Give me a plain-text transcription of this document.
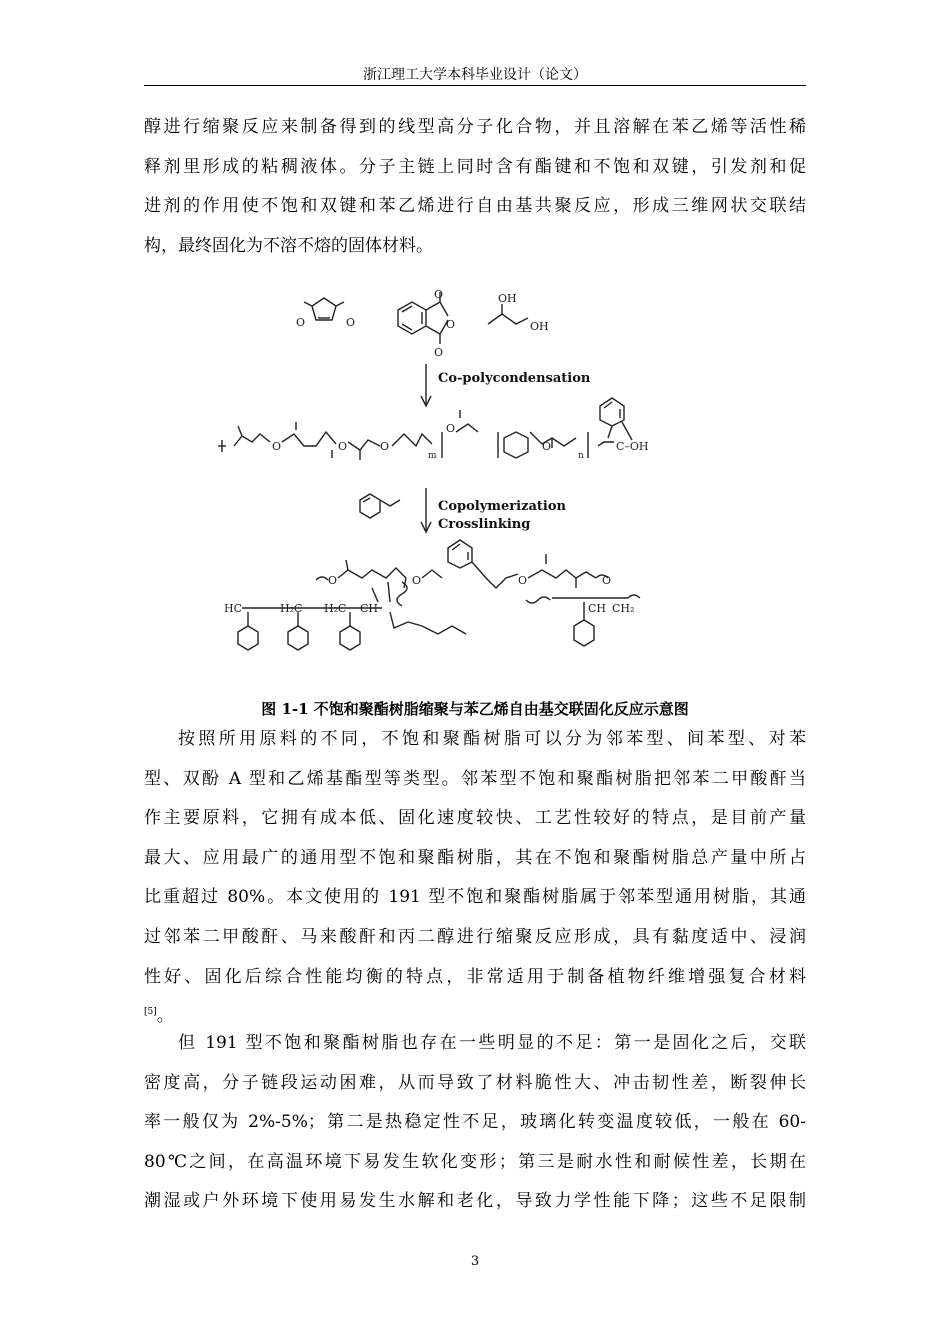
浙江理工大学本科毕业设计（论文）
醇进行缩聚反应来制备得到的线型高分子化合物，并且溶解在苯乙烯等活性稀
释剂里形成的粘稠液体。分子主链上同时含有酯键和不饱和双键，引发剂和促
进剂的作用使不饱和双键和苯乙烯进行自由基共聚反应，形成三维网状交联结
构，最终固化为不溶不熔的固体材料。
O	O
O
O
O
OH
OH
O	O	O
m
O
O
n
C–OH
O	O	O	O
HC	H₂C H₂C CH	CH CH₂
Co-polycondensation
Copolymerization
Crosslinking
图 1-1 不饱和聚酯树脂缩聚与苯乙烯自由基交联固化反应示意图
按照所用原料的不同，不饱和聚酯树脂可以分为邻苯型、间苯型、对苯
型、双酚 A 型和乙烯基酯型等类型。邻苯型不饱和聚酯树脂把邻苯二甲酸酐当
作主要原料，它拥有成本低、固化速度较快、工艺性较好的特点，是目前产量
最大、应用最广的通用型不饱和聚酯树脂，其在不饱和聚酯树脂总产量中所占
比重超过 80%。本文使用的 191 型不饱和聚酯树脂属于邻苯型通用树脂，其通
过邻苯二甲酸酐、马来酸酐和丙二醇进行缩聚反应形成，具有黏度适中、浸润
性好、固化后综合性能均衡的特点，非常适用于制备植物纤维增强复合材料
[5]。
但 191 型不饱和聚酯树脂也存在一些明显的不足：第一是固化之后，交联
密度高，分子链段运动困难，从而导致了材料脆性大、冲击韧性差，断裂伸长
率一般仅为 2%-5%；第二是热稳定性不足，玻璃化转变温度较低，一般在 60-
80℃之间，在高温环境下易发生软化变形；第三是耐水性和耐候性差，长期在
潮湿或户外环境下使用易发生水解和老化，导致力学性能下降；这些不足限制
3
